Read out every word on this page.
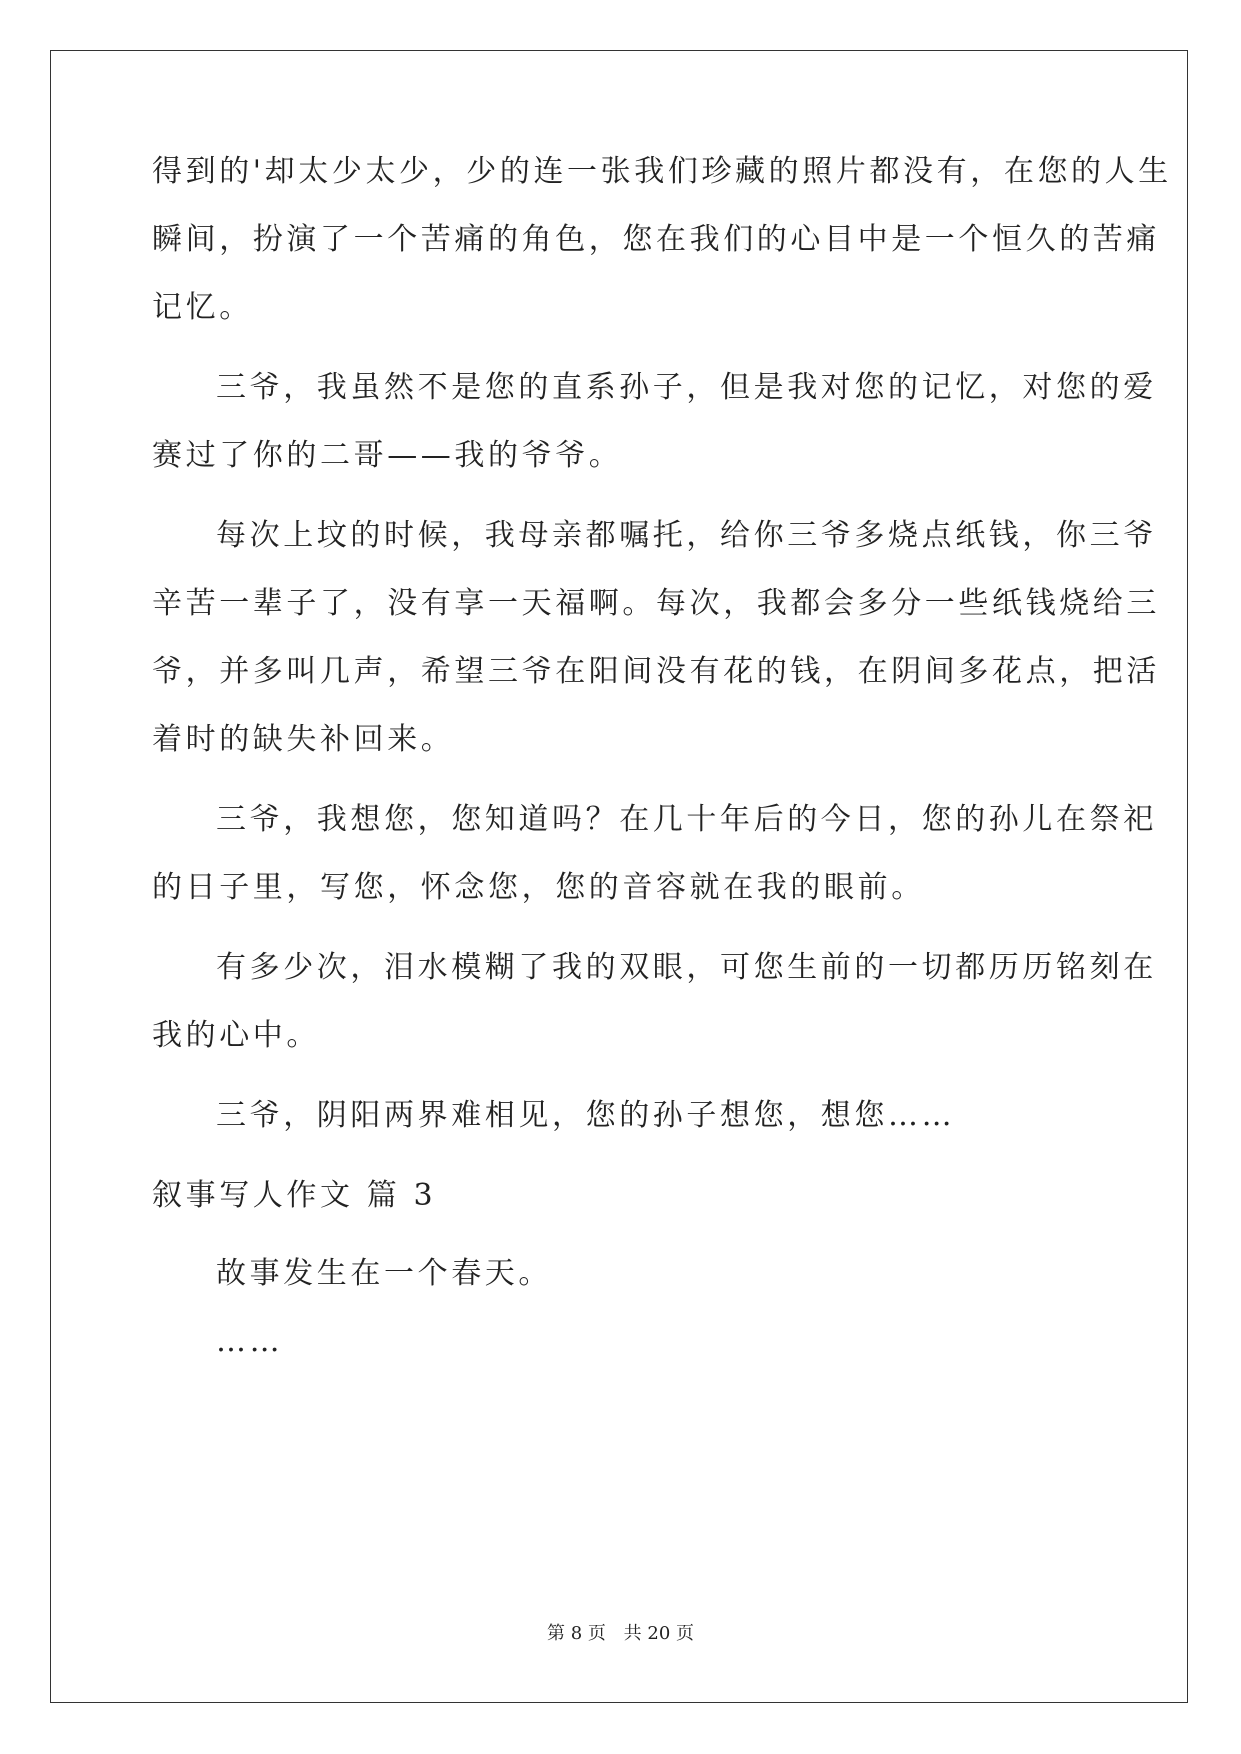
得到的'却太少太少，少的连一张我们珍藏的照片都没有，在您的人生
瞬间，扮演了一个苦痛的角色，您在我们的心目中是一个恒久的苦痛
记忆。
三爷，我虽然不是您的直系孙子，但是我对您的记忆，对您的爱
赛过了你的二哥——我的爷爷。
每次上坟的时候，我母亲都嘱托，给你三爷多烧点纸钱，你三爷
辛苦一辈子了，没有享一天福啊。每次，我都会多分一些纸钱烧给三
爷，并多叫几声，希望三爷在阳间没有花的钱，在阴间多花点，把活
着时的缺失补回来。
三爷，我想您，您知道吗？在几十年后的今日，您的孙儿在祭祀
的日子里，写您，怀念您，您的音容就在我的眼前。
有多少次，泪水模糊了我的双眼，可您生前的一切都历历铭刻在
我的心中。
三爷，阴阳两界难相见，您的孙子想您，想您……
叙事写人作文 篇 3
故事发生在一个春天。
……
第 8 页 共 20 页
